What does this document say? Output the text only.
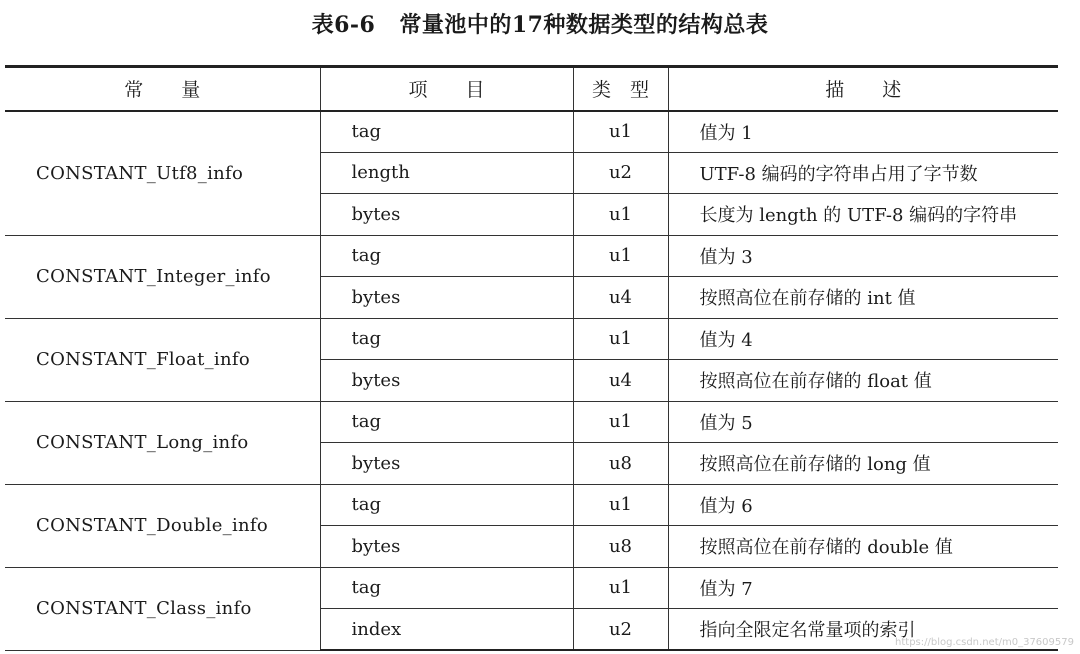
表6-6 常量池中的17种数据类型的结构总表
常　　量	项　　目	类　型	描　　述
CONSTANT_Utf8_info	tag	u1	值为 1
	length	u2	UTF-8 编码的字符串占用了字节数
	bytes	u1	长度为 length 的 UTF-8 编码的字符串
CONSTANT_Integer_info	tag	u1	值为 3
	bytes	u4	按照高位在前存储的 int 值
CONSTANT_Float_info	tag	u1	值为 4
	bytes	u4	按照高位在前存储的 float 值
CONSTANT_Long_info	tag	u1	值为 5
	bytes	u8	按照高位在前存储的 long 值
CONSTANT_Double_info	tag	u1	值为 6
	bytes	u8	按照高位在前存储的 double 值
CONSTANT_Class_info	tag	u1	值为 7
	index	u2	指向全限定名常量项的索引
https://blog.csdn.net/m0_37609579
